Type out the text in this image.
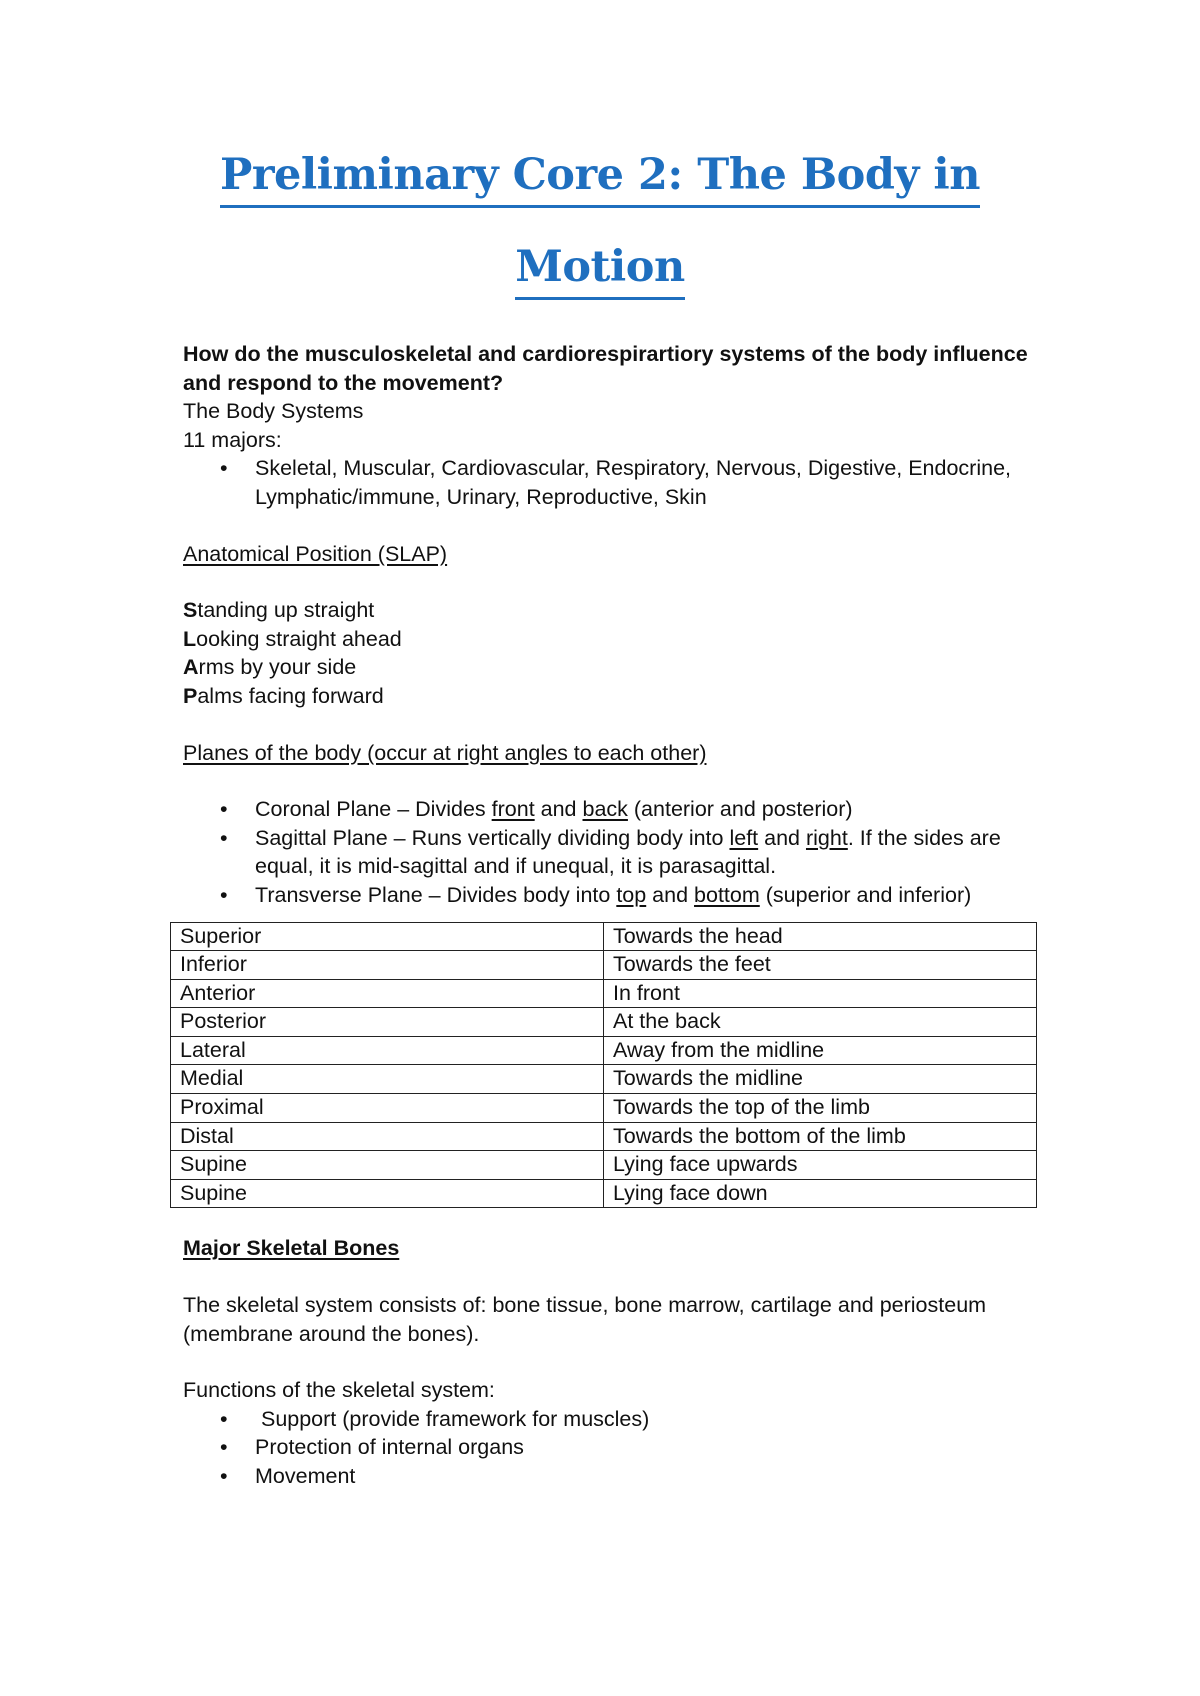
Preliminary Core 2: The Body in
Motion

How do the musculoskeletal and cardiorespirartiory systems of the body influence and respond to the movement?

The Body Systems

11 majors:

• Skeletal, Muscular, Cardiovascular, Respiratory, Nervous, Digestive, Endocrine, Lymphatic/immune, Urinary, Reproductive, Skin

Anatomical Position (SLAP)

Standing up straight

Looking straight ahead

Arms by your side

Palms facing forward

Planes of the body (occur at right angles to each other)

• Coronal Plane – Divides front and back (anterior and posterior)
• Sagittal Plane – Runs vertically dividing body into left and right. If the sides are equal, it is mid-sagittal and if unequal, it is parasagittal.
• Transverse Plane – Divides body into top and bottom (superior and inferior)
Superior	Towards the head
Inferior	Towards the feet
Anterior	In front
Posterior	At the back
Lateral	Away from the midline
Medial	Towards the midline
Proximal	Towards the top of the limb
Distal	Towards the bottom of the limb
Supine	Lying face upwards
Supine	Lying face down

Major Skeletal Bones

The skeletal system consists of: bone tissue, bone marrow, cartilage and periosteum (membrane around the bones).

Functions of the skeletal system:

• Support (provide framework for muscles)
• Protection of internal organs
• Movement
